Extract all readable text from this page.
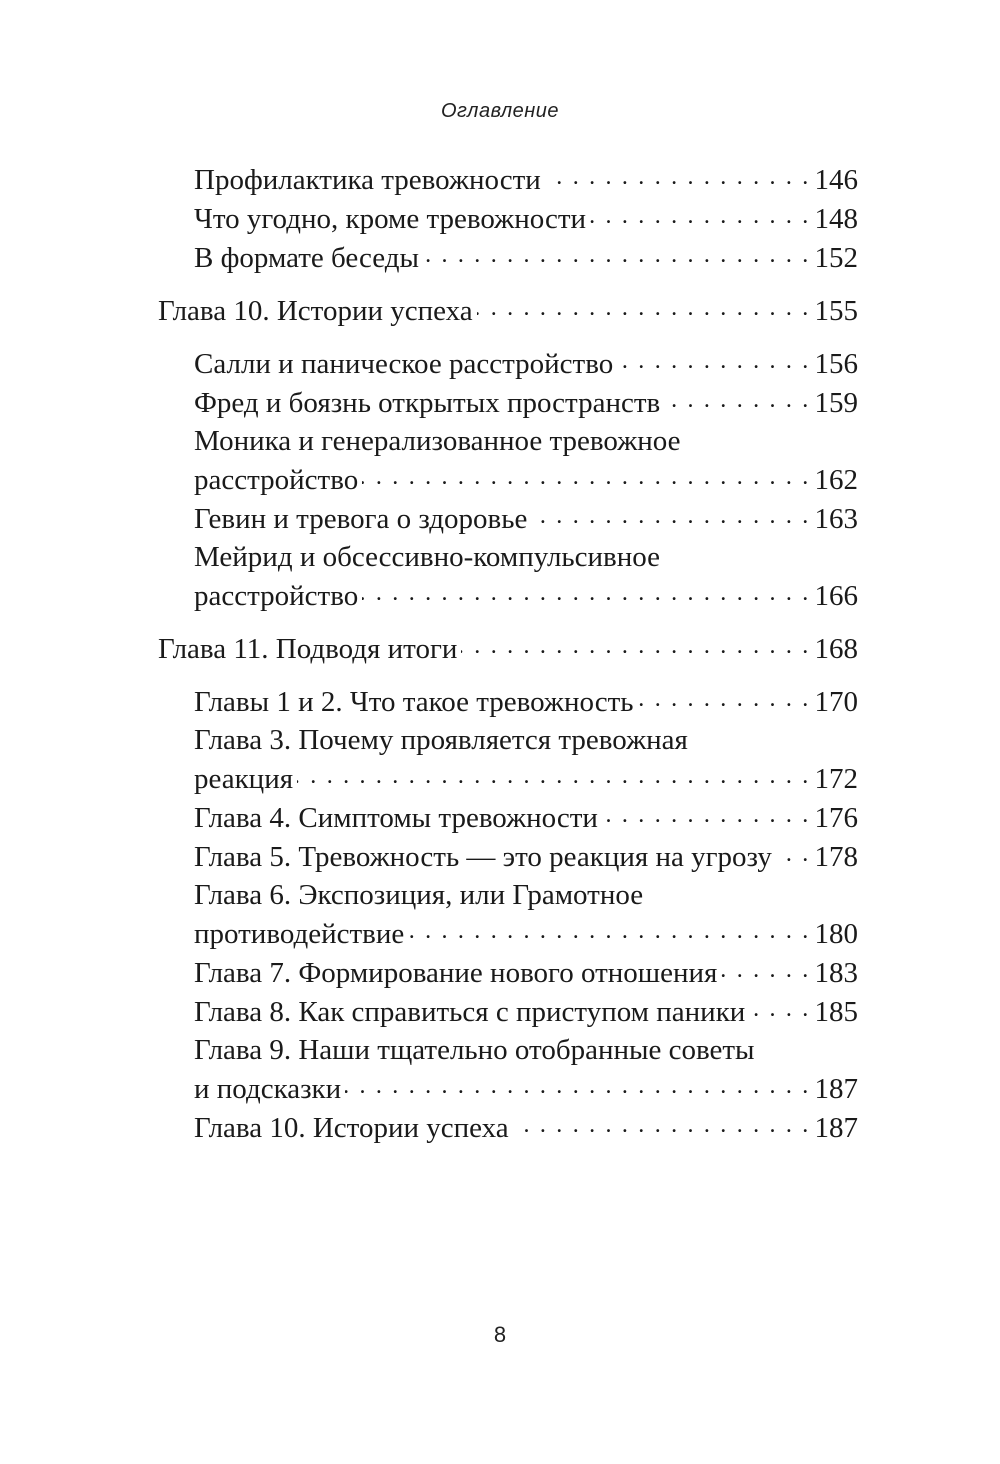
Оглавление
Профилактика тревожности . . .	146
Что угодно, кроме тревожности . . .	148
В формате беседы . . .	152
Глава 10. Истории успеха . . .	155
Салли и паническое расстройство . . .	156
Фред и боязнь открытых пространств . . .	159
Моника и генерализованное тревожное
расстройство . . .	162
Гевин и тревога о здоровье . . .	163
Мейрид и обсессивно-компульсивное
расстройство . . .	166
Глава 11. Подводя итоги . . .	168
Главы 1 и 2. Что такое тревожность . . .	170
Глава 3. Почему проявляется тревожная
реакция . . .	172
Глава 4. Симптомы тревожности . . .	176
Глава 5. Тревожность — это реакция на угрозу . . . 178
Глава 6. Экспозиция, или Грамотное
противодействие . . .	180
Глава 7. Формирование нового отношения . . .	183
Глава 8. Как справиться с приступом паники . . . 185
Глава 9. Наши тщательно отобранные советы
и подсказки . . .	187
Глава 10. Истории успеха . . .	187
8
